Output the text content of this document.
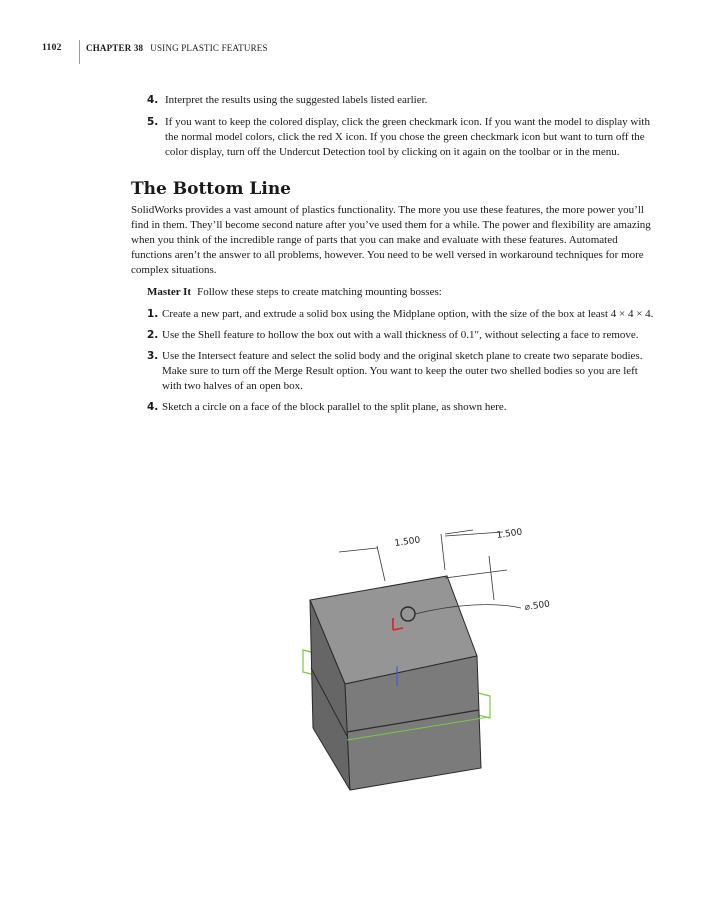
1102	CHAPTER 38 USING PLASTIC FEATURES
4. Interpret the results using the suggested labels listed earlier.
5. If you want to keep the colored display, click the green checkmark icon. If you want the model to display with the normal model colors, click the red X icon. If you chose the green checkmark icon but want to turn off the color display, turn off the Undercut Detection tool by clicking on it again on the toolbar or in the menu.
The Bottom Line

SolidWorks provides a vast amount of plastics functionality. The more you use these features, the more power you’ll find in them. They’ll become second nature after you’ve used them for a while. The power and flexibility are amazing when you think of the incredible range of parts that you can make and evaluate with these features. Automated functions aren’t the answer to all problems, however. You need to be well versed in workaround techniques for more complex situations.

Master It Follow these steps to create matching mounting bosses:

1. Create a new part, and extrude a solid box using the Midplane option, with the size of the box at least 4 × 4 × 4.
2. Use the Shell feature to hollow the box out with a wall thickness of 0.1″, without selecting a face to remove.
3. Use the Intersect feature and select the solid body and the original sketch plane to create two separate bodies. Make sure to turn off the Merge Result option. You want to keep the outer two shelled bodies so you are left with two halves of an open box.
4. Sketch a circle on a face of the block parallel to the split plane, as shown here.
1.500
1.500
⌀.500
